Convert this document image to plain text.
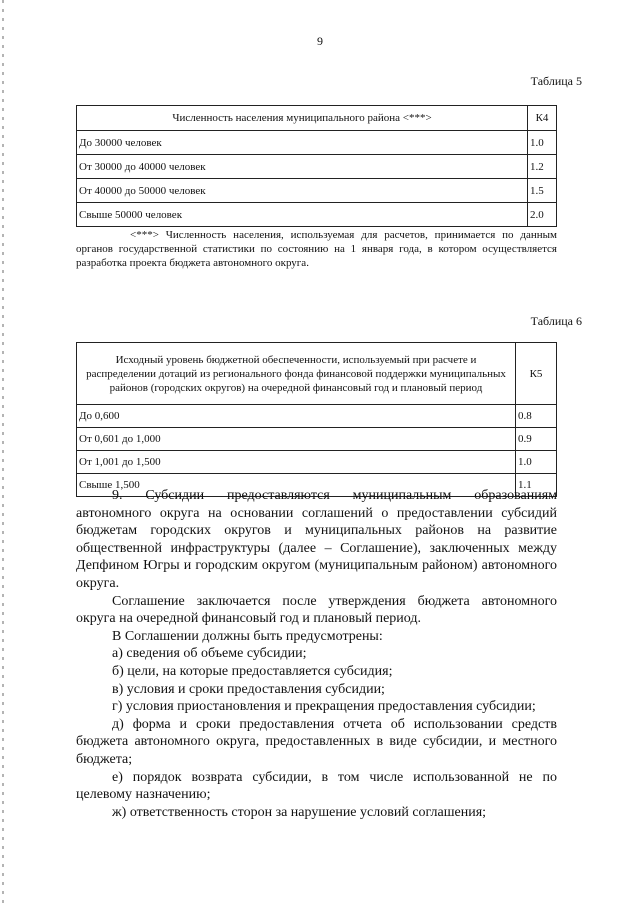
9
Таблица 5
Численность населения муниципального района <***>	К4
До 30000 человек	1.0
От 30000 до 40000 человек	1.2
От 40000 до 50000 человек	1.5
Свыше 50000 человек	2.0
<***> Численность населения, используемая для расчетов, принимается по данным органов государственной статистики по состоянию на 1 января года, в котором осуществляется разработка проекта бюджета автономного округа.
Таблица 6
Исходный уровень бюджетной обеспеченности, используемый при расчете и распределении дотаций из регионального фонда финансовой поддержки муниципальных районов (городских округов) на очередной финансовый год и плановый период	К5
До 0,600	0.8
От 0,601 до 1,000	0.9
От 1,001 до 1,500	1.0
Свыше 1,500	1.1

9. Субсидии предоставляются муниципальным образованиям автономного округа на основании соглашений о предоставлении субсидий бюджетам городских округов и муниципальных районов на развитие общественной инфраструктуры (далее – Соглашение), заключенных между Депфином Югры и городским округом (муниципальным районом) автономного округа.

Соглашение заключается после утверждения бюджета автономного округа на очередной финансовый год и плановый период.

В Соглашении должны быть предусмотрены:

а) сведения об объеме субсидии;

б) цели, на которые предоставляется субсидия;

в) условия и сроки предоставления субсидии;

г) условия приостановления и прекращения предоставления субсидии;

д) форма и сроки предоставления отчета об использовании средств бюджета автономного округа, предоставленных в виде субсидии, и местного бюджета;

е) порядок возврата субсидии, в том числе использованной не по целевому назначению;

ж) ответственность сторон за нарушение условий соглашения;
